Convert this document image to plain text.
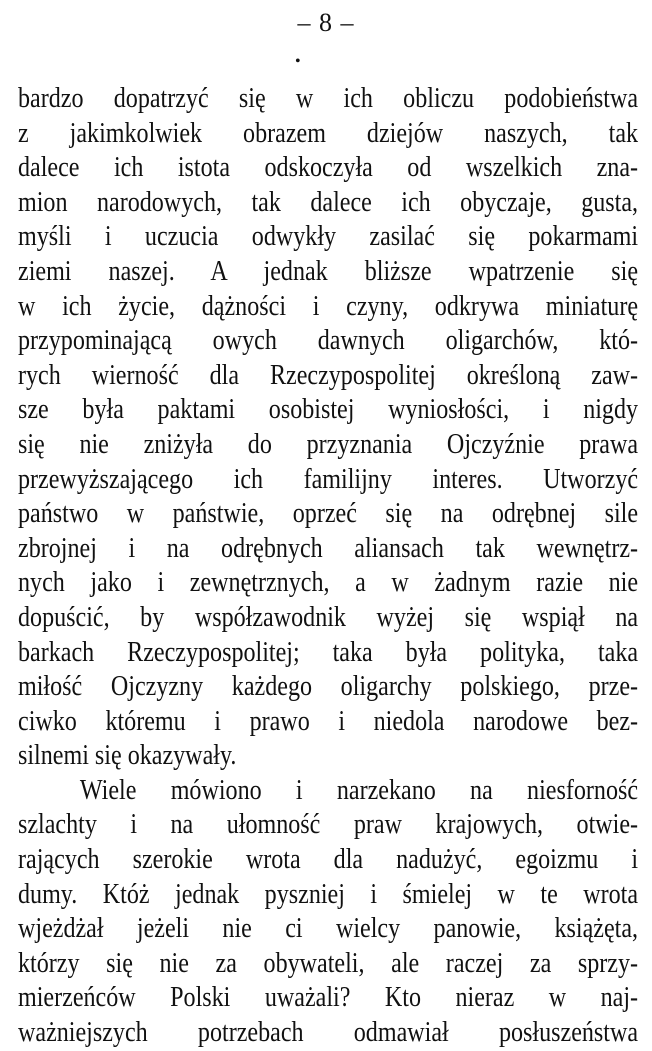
– 8 –
•
bardzo dopatrzyć się w ich obliczu podobieństwa
z jakimkolwiek obrazem dziejów naszych, tak
dalece ich istota odskoczyła od wszelkich zna-
mion narodowych, tak dalece ich obyczaje, gusta,
myśli i uczucia odwykły zasilać się pokarmami
ziemi naszej. A jednak bliższe wpatrzenie się
w ich życie, dążności i czyny, odkrywa miniaturę
przypominającą owych dawnych oligarchów, któ-
rych wierność dla Rzeczypospolitej określoną zaw-
sze była paktami osobistej wyniosłości, i nigdy
się nie zniżyła do przyznania Ojczyźnie prawa
przewyższającego ich familijny interes. Utworzyć
państwo w państwie, oprzeć się na odrębnej sile
zbrojnej i na odrębnych aliansach tak wewnętrz-
nych jako i zewnętrznych, a w żadnym razie nie
dopuścić, by współzawodnik wyżej się wspiął na
barkach Rzeczypospolitej; taka była polityka, taka
miłość Ojczyzny każdego oligarchy polskiego, prze-
ciwko któremu i prawo i niedola narodowe bez-
silnemi się okazywały.
Wiele mówiono i narzekano na niesforność
szlachty i na ułomność praw krajowych, otwie-
rających szerokie wrota dla nadużyć, egoizmu i
dumy. Któż jednak pyszniej i śmielej w te wrota
wjeżdżał jeżeli nie ci wielcy panowie, książęta,
którzy się nie za obywateli, ale raczej za sprzy-
mierzeńców Polski uważali? Kto nieraz w naj-
ważniejszych potrzebach odmawiał posłuszeństwa
